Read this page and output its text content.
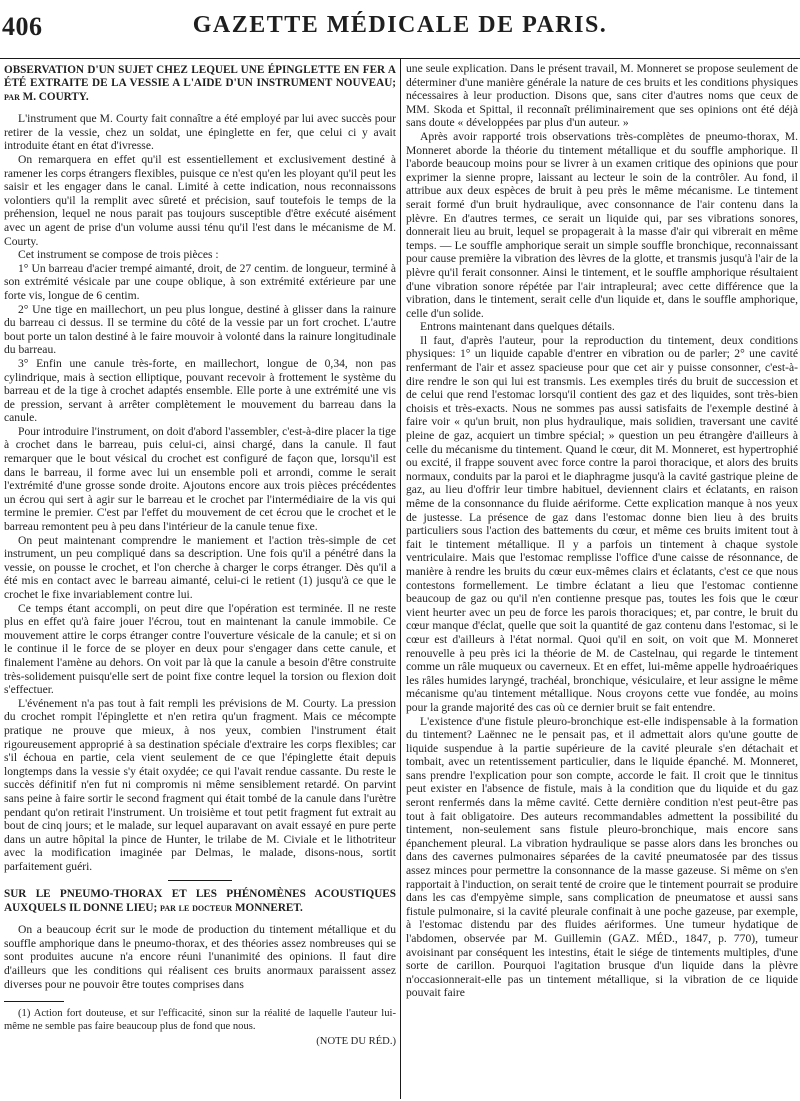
406	GAZETTE MÉDICALE DE PARIS.

OBSERVATION D'UN SUJET CHEZ LEQUEL UNE ÉPINGLETTE EN FER A ÉTÉ EXTRAITE DE LA VESSIE A L'AIDE D'UN INSTRUMENT NOUVEAU; par M. COURTY.

L'instrument que M. Courty fait connaître a été employé par lui avec succès pour retirer de la vessie, chez un soldat, une épinglette en fer, que celui ci y avait introduite étant en état d'ivresse.

On remarquera en effet qu'il est essentiellement et exclusivement destiné à ramener les corps étrangers flexibles, puisque ce n'est qu'en les ployant qu'il peut les saisir et les engager dans le canal. Limité à cette indication, nous reconnaissons volontiers qu'il la remplit avec sûreté et précision, sauf toutefois le temps de la préhension, lequel ne nous parait pas toujours susceptible d'être exécuté aisément avec un agent de prise d'un volume aussi ténu qu'il l'est dans le mécanisme de M. Courty.

Cet instrument se compose de trois pièces :

1° Un barreau d'acier trempé aimanté, droit, de 27 centim. de longueur, terminé à son extrémité vésicale par une coupe oblique, à son extrémité extérieure par une forte vis, longue de 6 centim.

2° Une tige en maillechort, un peu plus longue, destiné à glisser dans la rainure du barreau ci dessus. Il se termine du côté de la vessie par un fort crochet. L'autre bout porte un talon destiné à le faire mouvoir à volonté dans la rainure longitudinale du barreau.

3° Enfin une canule très-forte, en maillechort, longue de 0,34, non pas cylindrique, mais à section elliptique, pouvant recevoir à frottement le système du barreau et de la tige à crochet adaptés ensemble. Elle porte à une extrémité une vis de pression, servant à arrêter complètement le mouvement du barreau dans la canule.

Pour introduire l'instrument, on doit d'abord l'assembler, c'est-à-dire placer la tige à crochet dans le barreau, puis celui-ci, ainsi chargé, dans la canule. Il faut remarquer que le bout vésical du crochet est configuré de façon que, lorsqu'il est dans le barreau, il forme avec lui un ensemble poli et arrondi, comme le serait l'extrémité d'une grosse sonde droite. Ajoutons encore aux trois pièces précédentes un écrou qui sert à agir sur le barreau et le crochet par l'intermédiaire de la vis qui termine le premier. C'est par l'effet du mouvement de cet écrou que le crochet et le barreau remontent peu à peu dans l'intérieur de la canule tenue fixe.

On peut maintenant comprendre le maniement et l'action très-simple de cet instrument, un peu compliqué dans sa description. Une fois qu'il a pénétré dans la vessie, on pousse le crochet, et l'on cherche à charger le corps étranger. Dès qu'il a été mis en contact avec le barreau aimanté, celui-ci le retient (1) jusqu'à ce que le crochet le fixe invariablement contre lui.

Ce temps étant accompli, on peut dire que l'opération est terminée. Il ne reste plus en effet qu'à faire jouer l'écrou, tout en maintenant la canule immobile. Ce mouvement attire le corps étranger contre l'ouverture vésicale de la canule; et si on le continue il le force de se ployer en deux pour s'engager dans cette canule, et finalement l'amène au dehors. On voit par là que la canule a besoin d'être construite très-solidement puisqu'elle sert de point fixe contre lequel la torsion ou flexion doit s'effectuer.

L'événement n'a pas tout à fait rempli les prévisions de M. Courty. La pression du crochet rompit l'épinglette et n'en retira qu'un fragment. Mais ce mécompte pratique ne prouve que mieux, à nos yeux, combien l'instrument était rigoureusement approprié à sa destination spéciale d'extraire les corps flexibles; car s'il échoua en partie, cela vient seulement de ce que l'épinglette était depuis longtemps dans la vessie s'y était oxydée; ce qui l'avait rendue cassante. Du reste le succès définitif n'en fut ni compromis ni même sensiblement retardé. On parvint sans peine à faire sortir le second fragment qui était tombé de la canule dans l'urètre pendant qu'on retirait l'instrument. Un troisième et tout petit fragment fut extrait au bout de cinq jours; et le malade, sur lequel auparavant on avait essayé en pure perte dans un autre hôpital la pince de Hunter, le trilabe de M. Civiale et le lithotriteur avec la modification imaginée par Delmas, le malade, disons-nous, sortit parfaitement guéri.

SUR LE PNEUMO-THORAX ET LES PHÉNOMÈNES ACOUSTIQUES AUXQUELS IL DONNE LIEU; par le docteur MONNERET.

On a beaucoup écrit sur le mode de production du tintement métallique et du souffle amphorique dans le pneumo-thorax, et des théories assez nombreuses qui se sont produites aucune n'a encore réuni l'unanimité des opinions. Il faut dire d'ailleurs que les conditions qui réalisent ces bruits anormaux paraissent assez diverses pour ne pouvoir être toutes comprises dans

(1) Action fort douteuse, et sur l'efficacité, sinon sur la réalité de laquelle l'auteur lui-même ne semble pas faire beaucoup plus de fond que nous.

(NOTE DU RÉD.)

une seule explication. Dans le présent travail, M. Monneret se propose seulement de déterminer d'une manière générale la nature de ces bruits et les conditions physiques nécessaires à leur production. Disons que, sans citer d'autres noms que ceux de MM. Skoda et Spittal, il reconnaît préliminairement que ses opinions ont été déjà sans doute « développées par plus d'un auteur. »

Après avoir rapporté trois observations très-complètes de pneumo-thorax, M. Monneret aborde la théorie du tintement métallique et du souffle amphorique. Il l'aborde beaucoup moins pour se livrer à un examen critique des opinions que pour exprimer la sienne propre, laissant au lecteur le soin de la contrôler. Au fond, il attribue aux deux espèces de bruit à peu près le même mécanisme. Le tintement serait formé d'un bruit hydraulique, avec consonnance de l'air contenu dans la plèvre. En d'autres termes, ce serait un liquide qui, par ses vibrations sonores, donnerait lieu au bruit, lequel se propagerait à la masse d'air qui vibrerait en même temps. — Le souffle amphorique serait un simple souffle bronchique, reconnaissant pour cause première la vibration des lèvres de la glotte, et transmis jusqu'à l'air de la plèvre qu'il ferait consonner. Ainsi le tintement, et le souffle amphorique résultaient d'une vibration sonore répétée par l'air intrapleural; avec cette différence que la vibration, dans le tintement, serait celle d'un liquide et, dans le souffle amphorique, celle d'un solide.

Entrons maintenant dans quelques détails.

Il faut, d'après l'auteur, pour la reproduction du tintement, deux conditions physiques: 1° un liquide capable d'entrer en vibration ou de parler; 2° une cavité renfermant de l'air et assez spacieuse pour que cet air y puisse consonner, c'est-à-dire rendre le son qui lui est transmis. Les exemples tirés du bruit de succession et de celui que rend l'estomac lorsqu'il contient des gaz et des liquides, sont très-bien choisis et très-exacts. Nous ne sommes pas aussi satisfaits de l'exemple destiné à faire voir « qu'un bruit, non plus hydraulique, mais solidien, traversant une cavité pleine de gaz, acquiert un timbre spécial; » question un peu étrangère d'ailleurs à celle du mécanisme du tintement. Quand le cœur, dit M. Monneret, est hypertrophié ou excité, il frappe souvent avec force contre la paroi thoracique, et alors des bruits normaux, conduits par la paroi et le diaphragme jusqu'à la cavité gastrique pleine de gaz, au lieu d'offrir leur timbre habituel, deviennent clairs et éclatants, en raison même de la consonnance du fluide aériforme. Cette explication manque à nos yeux de justesse. La présence de gaz dans l'estomac donne bien lieu à des bruits particuliers sous l'action des battements du cœur, et même ces bruits imitent tout à fait le tintement métallique. Il y a parfois un tintement à chaque systole ventriculaire. Mais que l'estomac remplisse l'office d'une caisse de résonnance, de manière à rendre les bruits du cœur eux-mêmes clairs et éclatants, c'est ce que nous contestons formellement. Le timbre éclatant a lieu que l'estomac contienne beaucoup de gaz ou qu'il n'en contienne presque pas, toutes les fois que le cœur vient heurter avec un peu de force les parois thoraciques; et, par contre, le bruit du cœur manque d'éclat, quelle que soit la quantité de gaz contenu dans l'estomac, si le cœur est d'ailleurs à l'état normal. Quoi qu'il en soit, on voit que M. Monneret renouvelle à peu près ici la théorie de M. de Castelnau, qui regarde le tintement comme un râle muqueux ou caverneux. Et en effet, lui-même appelle hydroaériques les râles humides laryngé, trachéal, bronchique, vésiculaire, et leur assigne le même mécanisme qu'au tintement métallique. Nous croyons cette vue fondée, au moins pour la grande majorité des cas où ce dernier bruit se fait entendre.

L'existence d'une fistule pleuro-bronchique est-elle indispensable à la formation du tintement? Laënnec ne le pensait pas, et il admettait alors qu'une goutte de liquide suspendue à la partie supérieure de la cavité pleurale s'en détachait et tombait, avec un retentissement particulier, dans le liquide épanché. M. Monneret, sans prendre l'explication pour son compte, accorde le fait. Il croit que le tinnitus peut exister en l'absence de fistule, mais à la condition que du liquide et du gaz seront renfermés dans la même cavité. Cette dernière condition n'est peut-être pas tout à fait obligatoire. Des auteurs recommandables admettent la possibilité du tintement, non-seulement sans fistule pleuro-bronchique, mais encore sans épanchement pleural. La vibration hydraulique se passe alors dans les bronches ou dans des cavernes pulmonaires séparées de la cavité pneumatosée par des tissus assez minces pour permettre la consonnance de la masse gazeuse. Si même on s'en rapportait à l'induction, on serait tenté de croire que le tintement pourrait se produire dans les cas d'empyème simple, sans complication de pneumatose et aussi sans fistule pulmonaire, si la cavité pleurale confinait à une poche gazeuse, par exemple, à l'estomac distendu par des fluides aériformes. Une tumeur hydatique de l'abdomen, observée par M. Guillemin (GAZ. MÉD., 1847, p. 770), tumeur avoisinant par conséquent les intestins, était le siége de tintements multiples, d'une sorte de carillon. Pourquoi l'agitation brusque d'un liquide dans la plèvre n'occasionnerait-elle pas un tintement métallique, si la vibration de ce liquide pouvait faire
